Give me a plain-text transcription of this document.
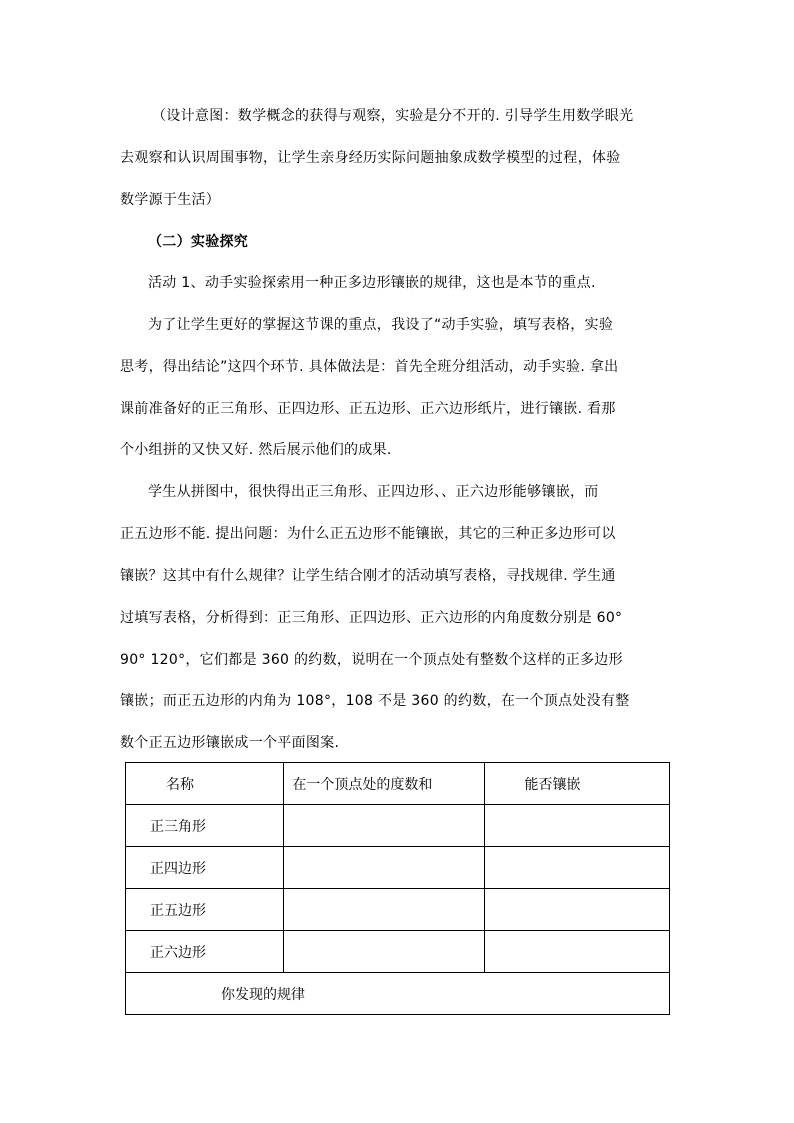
（设计意图：数学概念的获得与观察，实验是分不开的. 引导学生用数学眼光
去观察和认识周围事物，让学生亲身经历实际问题抽象成数学模型的过程，体验
数学源于生活）
（二）实验探究
活动 1、动手实验探索用一种正多边形镶嵌的规律，这也是本节的重点.
为了让学生更好的掌握这节课的重点，我设了“动手实验，填写表格，实验
思考，得出结论”这四个环节. 具体做法是：首先全班分组活动，动手实验. 拿出
课前准备好的正三角形、正四边形、正五边形、正六边形纸片，进行镶嵌. 看那
个小组拼的又快又好. 然后展示他们的成果.
学生从拼图中，很快得出正三角形、正四边形、、正六边形能够镶嵌，而
正五边形不能. 提出问题：为什么正五边形不能镶嵌，其它的三种正多边形可以
镶嵌？这其中有什么规律？让学生结合刚才的活动填写表格，寻找规律. 学生通
过填写表格，分析得到：正三角形、正四边形、正六边形的内角度数分别是 60°
90° 120°，它们都是 360 的约数，说明在一个顶点处有整数个这样的正多边形
镶嵌；而正五边形的内角为 108°，108 不是 360 的约数，在一个顶点处没有整
数个正五边形镶嵌成一个平面图案.
名称	在一个顶点处的度数和	能否镶嵌
正三角形		
正四边形		
正五边形		
正六边形		
你发现的规律		
